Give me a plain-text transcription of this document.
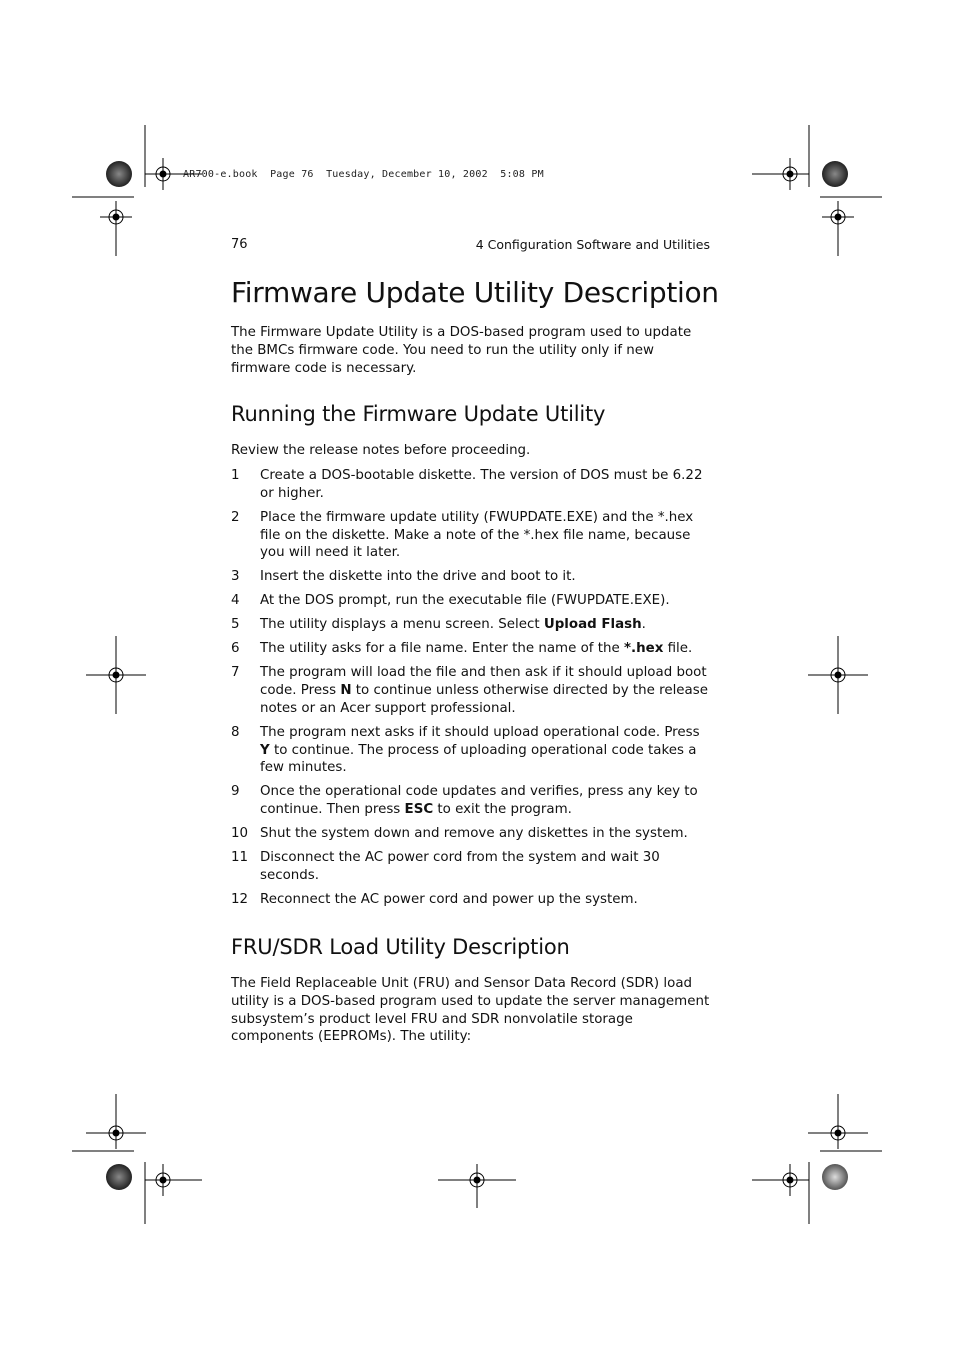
AR700-e.book  Page 76  Tuesday, December 10, 2002  5:08 PM
76	4 Configuration Software and Utilities
Firmware Update Utility Description

The Firmware Update Utility is a DOS-based program used to update the BMCs firmware code. You need to run the utility only if new firmware code is necessary.

Running the Firmware Update Utility

Review the release notes before proceeding.

1	Create a DOS-bootable diskette. The version of DOS must be 6.22 or higher.
2	Place the firmware update utility (FWUPDATE.EXE) and the *.hex file on the diskette. Make a note of the *.hex file name, because you will need it later.
3	Insert the diskette into the drive and boot to it.
4	At the DOS prompt, run the executable file (FWUPDATE.EXE).
5	The utility displays a menu screen. Select Upload Flash.
6	The utility asks for a file name. Enter the name of the *.hex file.
7	The program will load the file and then ask if it should upload boot code. Press N to continue unless otherwise directed by the release notes or an Acer support professional.
8	The program next asks if it should upload operational code. Press Y to continue. The process of uploading operational code takes a few minutes.
9	Once the operational code updates and verifies, press any key to continue. Then press ESC to exit the program.
10 Shut the system down and remove any diskettes in the system.
11 Disconnect the AC power cord from the system and wait 30 seconds.
12 Reconnect the AC power cord and power up the system.
FRU/SDR Load Utility Description

The Field Replaceable Unit (FRU) and Sensor Data Record (SDR) load utility is a DOS-based program used to update the server management subsystem’s product level FRU and SDR nonvolatile storage components (EEPROMs). The utility:
